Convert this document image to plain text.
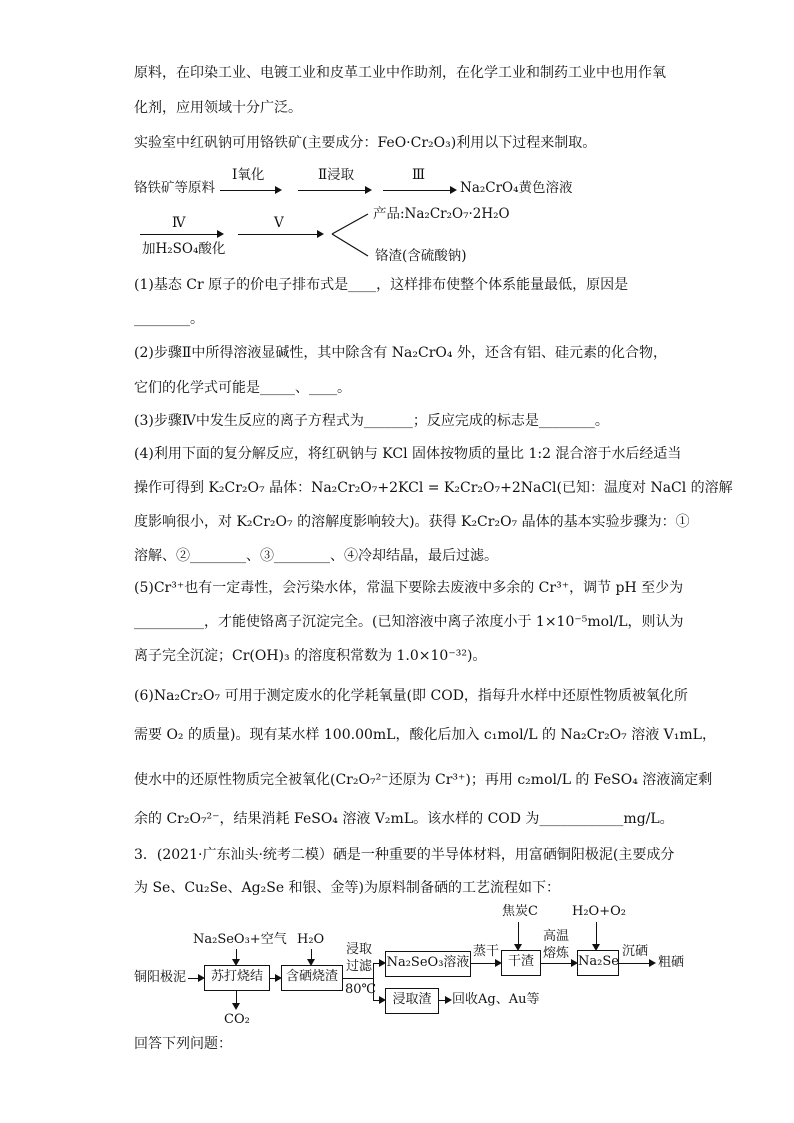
原料，在印染工业、电镀工业和皮革工业中作助剂，在化学工业和制药工业中也用作氧
化剂，应用领域十分广泛。
实验室中红矾钠可用铬铁矿(主要成分：FeO·Cr₂O₃)利用以下过程来制取。
铬铁矿等原料
Ⅰ氧化	Ⅱ浸取	Ⅲ
Na₂CrO₄黄色溶液
Ⅳ
加H₂SO₄酸化
Ⅴ
产品:Na₂Cr₂O₇·2H₂O
铬渣(含硫酸钠)
(1)基态 Cr 原子的价电子排布式是____，这样排布使整个体系能量最低，原因是
________。
(2)步骤Ⅱ中所得溶液显碱性，其中除含有 Na₂CrO₄ 外，还含有铝、硅元素的化合物，
它们的化学式可能是_____、____。
(3)步骤Ⅳ中发生反应的离子方程式为_______；反应完成的标志是________。
(4)利用下面的复分解反应，将红矾钠与 KCl 固体按物质的量比 1:2 混合溶于水后经适当
操作可得到 K₂Cr₂O₇ 晶体：Na₂Cr₂O₇+2KCl = K₂Cr₂O₇+2NaCl(已知：温度对 NaCl 的溶解
度影响很小，对 K₂Cr₂O₇ 的溶解度影响较大)。获得 K₂Cr₂O₇ 晶体的基本实验步骤为：①
溶解、②________、③________、④冷却结晶，最后过滤。
(5)Cr³⁺也有一定毒性，会污染水体，常温下要除去废液中多余的 Cr³⁺，调节 pH 至少为
__________，才能使铬离子沉淀完全。(已知溶液中离子浓度小于 1×10⁻⁵mol/L，则认为
离子完全沉淀；Cr(OH)₃ 的溶度积常数为 1.0×10⁻³²)。
(6)Na₂Cr₂O₇ 可用于测定废水的化学耗氧量(即 COD，指每升水样中还原性物质被氧化所
需要 O₂ 的质量)。现有某水样 100.00mL，酸化后加入 c₁mol/L 的 Na₂Cr₂O₇ 溶液 V₁mL，
使水中的还原性物质完全被氧化(Cr₂O₇²⁻还原为 Cr³⁺)；再用 c₂mol/L 的 FeSO₄ 溶液滴定剩
余的 Cr₂O₇²⁻，结果消耗 FeSO₄ 溶液 V₂mL。该水样的 COD 为____________mg/L。
3．(2021·广东汕头·统考二模）硒是一种重要的半导体材料，用富硒铜阳极泥(主要成分
为 Se、Cu₂Se、Ag₂Se 和银、金等)为原料制备硒的工艺流程如下：
铜阳极泥
Na₂SeO₃+空气
苏打烧结
CO₂
H₂O
含硒烧渣
浸取
过滤
80℃
Na₂SeO₃溶液
浸取渣	回收Ag、Au等
蒸干
焦炭C
干渣
高温
熔炼
H₂O+O₂
Na₂Se
沉硒
粗硒
回答下列问题：
